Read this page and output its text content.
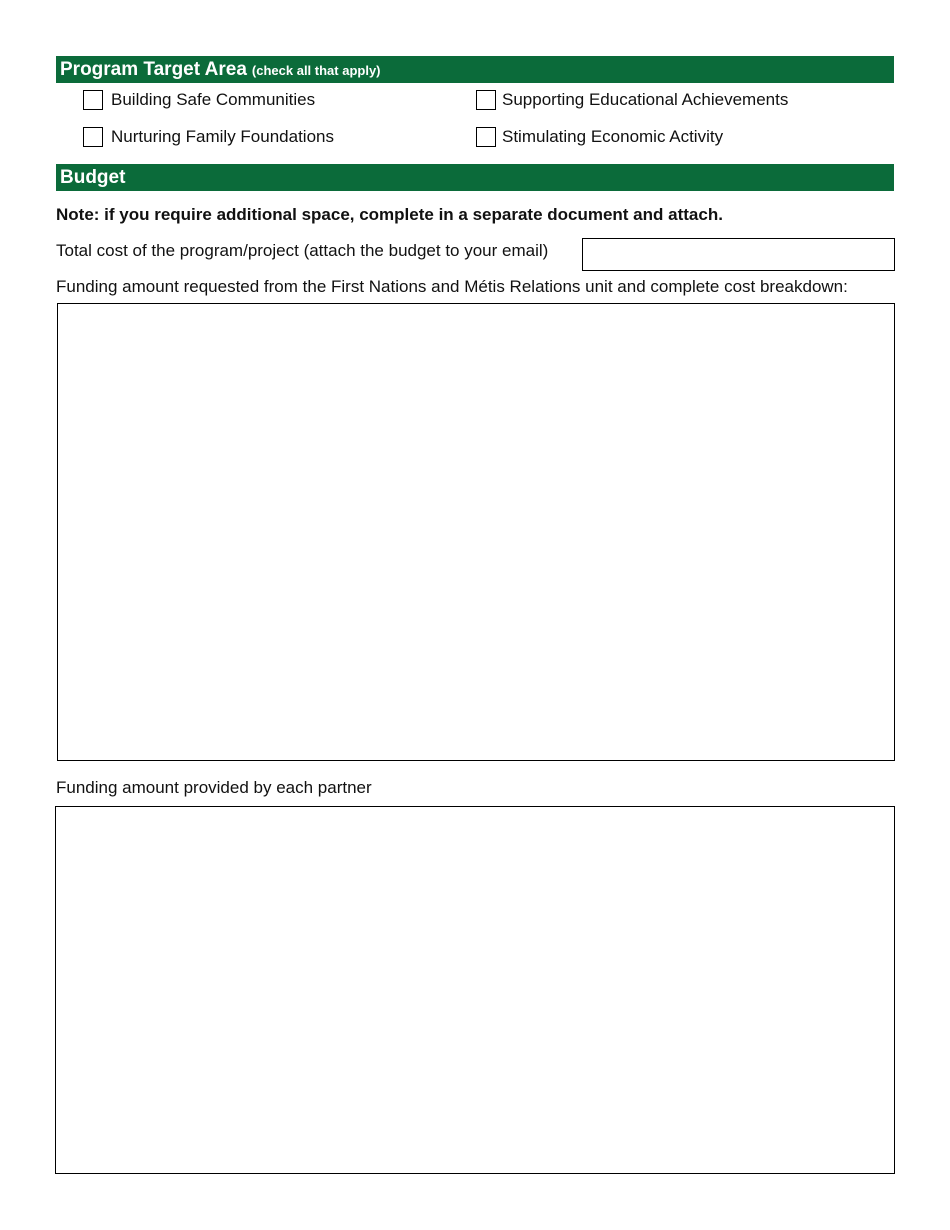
Program Target Area (check all that apply)
Building Safe Communities	Supporting Educational Achievements
Nurturing Family Foundations	Stimulating Economic Activity
Budget
Note: if you require additional space, complete in a separate document and attach.
Total cost of the program/project (attach the budget to your email)
Funding amount requested from the First Nations and Métis Relations unit and complete cost breakdown:
Funding amount provided by each partner
